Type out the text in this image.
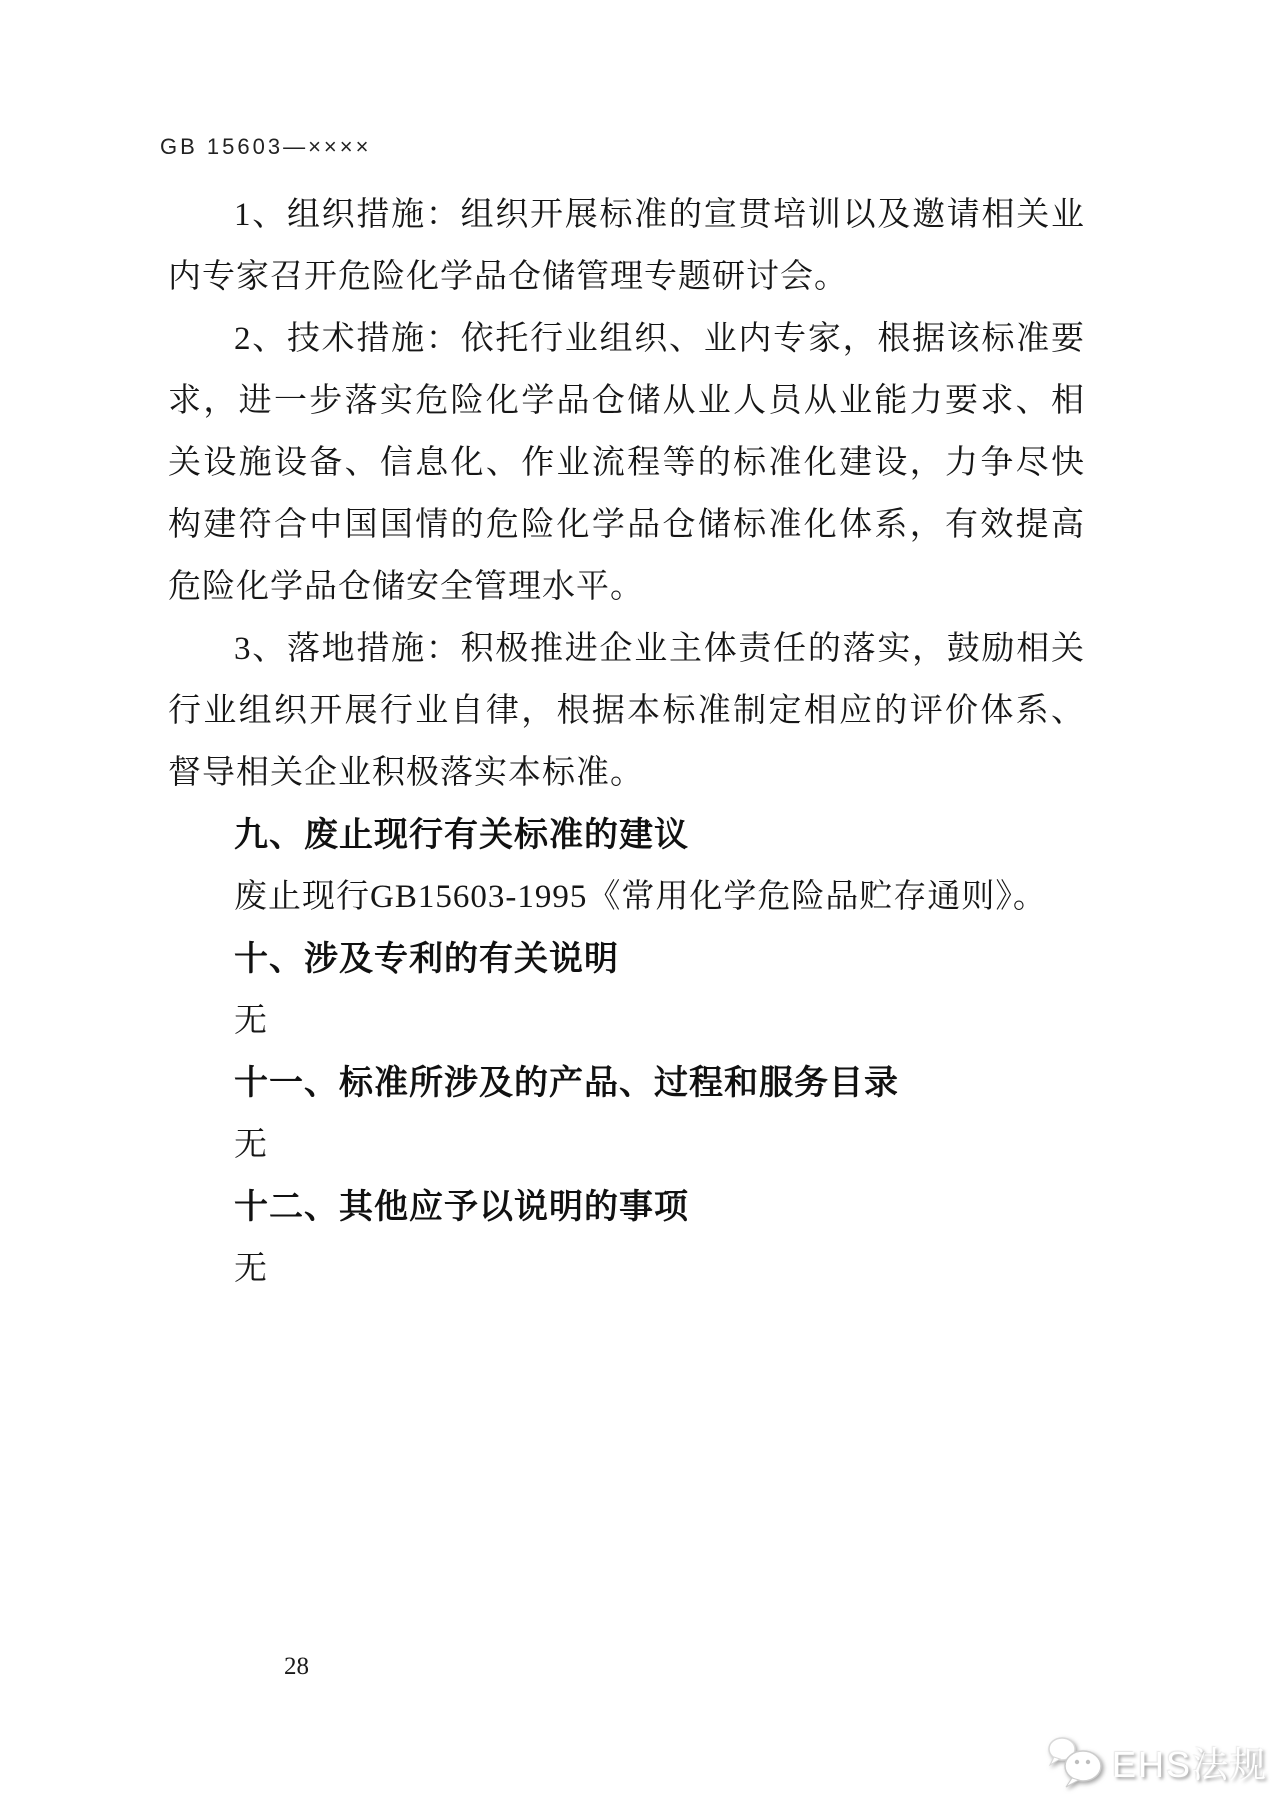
GB 15603—××××

1、组织措施：组织开展标准的宣贯培训以及邀请相关业内专家召开危险化学品仓储管理专题研讨会。

2、技术措施：依托行业组织、业内专家，根据该标准要求，进一步落实危险化学品仓储从业人员从业能力要求、相关设施设备、信息化、作业流程等的标准化建设，力争尽快构建符合中国国情的危险化学品仓储标准化体系，有效提高危险化学品仓储安全管理水平。

3、落地措施：积极推进企业主体责任的落实，鼓励相关行业组织开展行业自律，根据本标准制定相应的评价体系、督导相关企业积极落实本标准。

九、废止现行有关标准的建议

废止现行GB15603-1995《常用化学危险品贮存通则》。

十、涉及专利的有关说明

无

十一、标准所涉及的产品、过程和服务目录

无

十二、其他应予以说明的事项

无

28
EHS法规
